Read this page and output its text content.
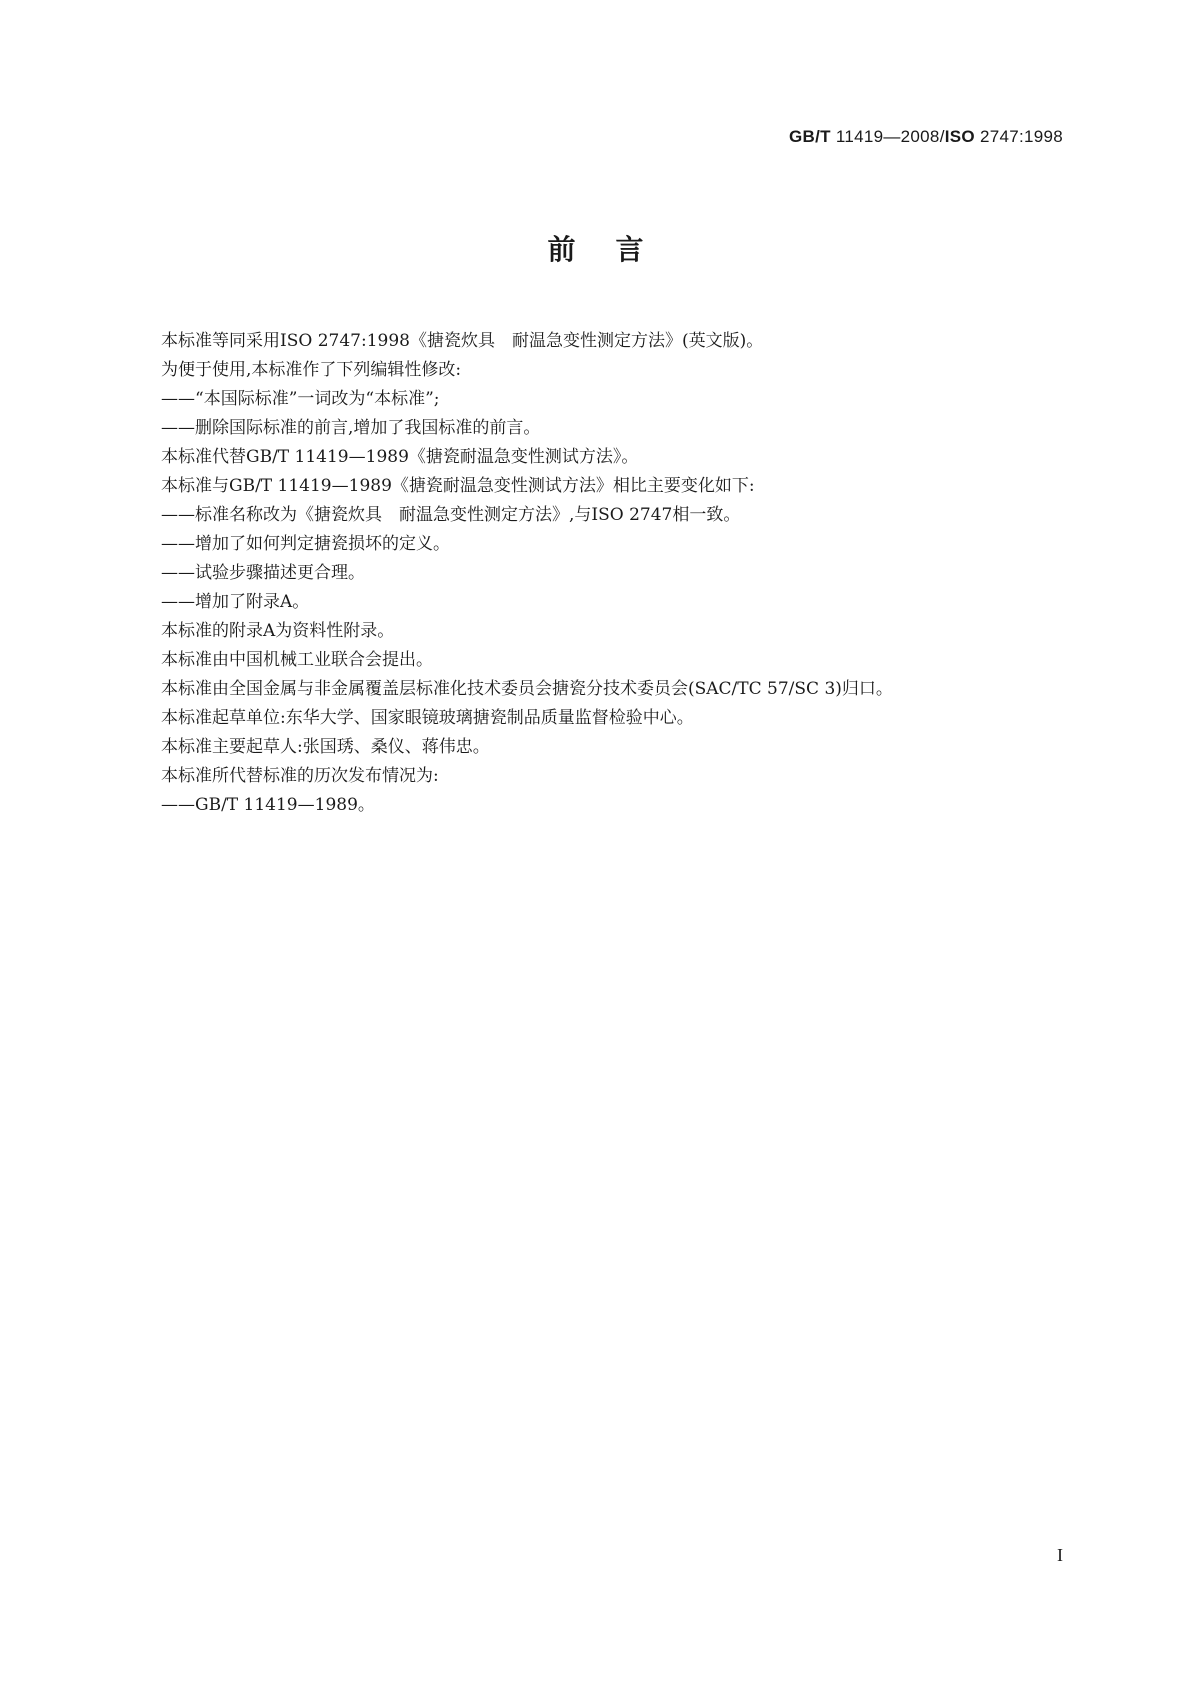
GB/T 11419—2008/ISO 2747:1998
前言

本标准等同采用ISO 2747:1998《搪瓷炊具　耐温急变性测定方法》(英文版)。

为便于使用,本标准作了下列编辑性修改:

——“本国际标准”一词改为“本标准”;

——删除国际标准的前言,增加了我国标准的前言。

本标准代替GB/T 11419—1989《搪瓷耐温急变性测试方法》。

本标准与GB/T 11419—1989《搪瓷耐温急变性测试方法》相比主要变化如下:

——标准名称改为《搪瓷炊具　耐温急变性测定方法》,与ISO 2747相一致。

——增加了如何判定搪瓷损坏的定义。

——试验步骤描述更合理。

——增加了附录A。

本标准的附录A为资料性附录。

本标准由中国机械工业联合会提出。

本标准由全国金属与非金属覆盖层标准化技术委员会搪瓷分技术委员会(SAC/TC 57/SC 3)归口。

本标准起草单位:东华大学、国家眼镜玻璃搪瓷制品质量监督检验中心。

本标准主要起草人:张国琇、桑仪、蒋伟忠。

本标准所代替标准的历次发布情况为:

——GB/T 11419—1989。

I
